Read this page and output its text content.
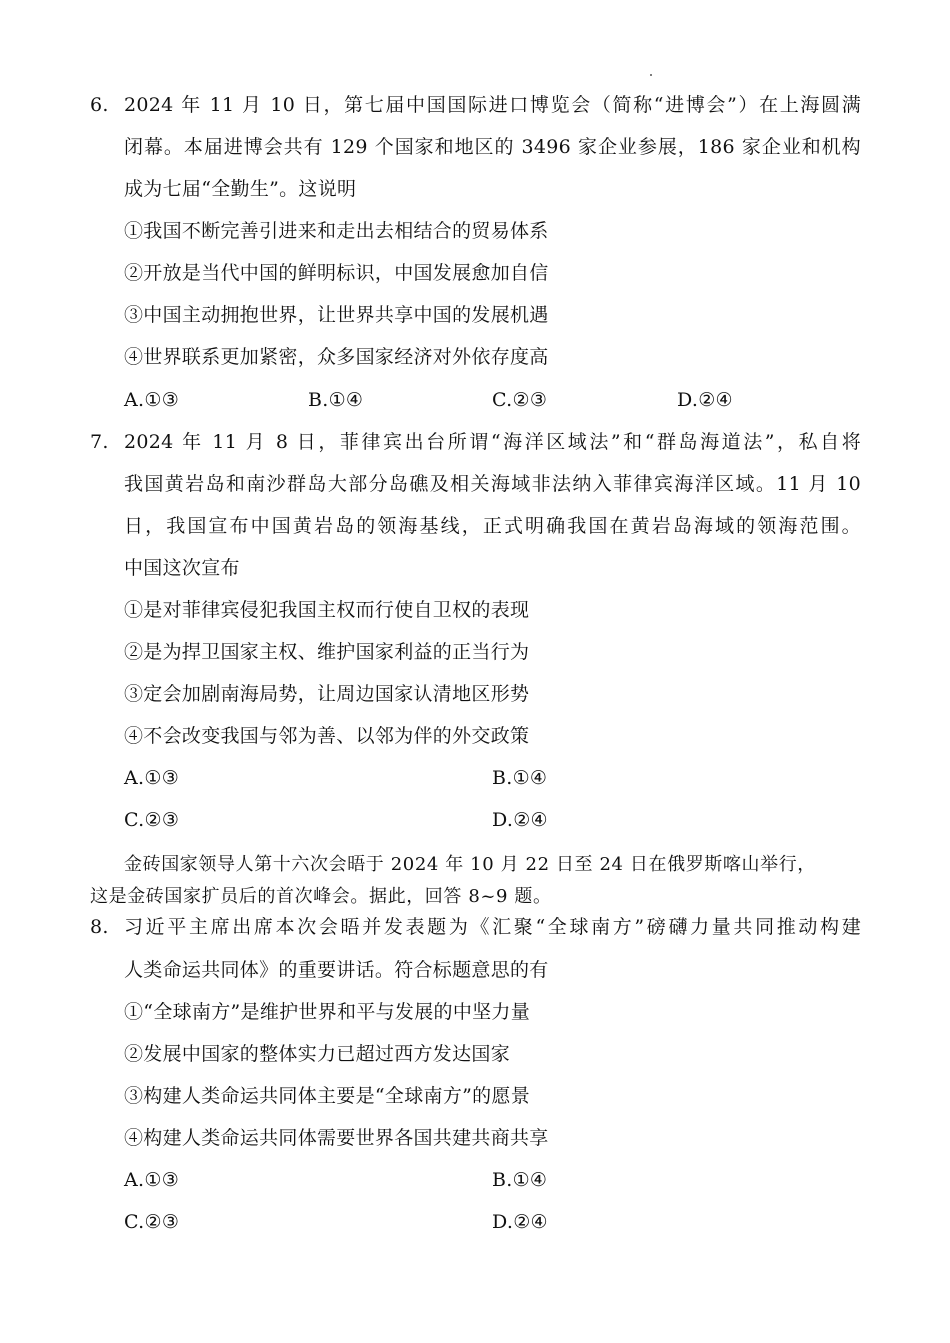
6. 2024 年 11 月 10 日，第七届中国国际进口博览会（简称“进博会”）在上海圆满
闭幕。本届进博会共有 129 个国家和地区的 3496 家企业参展，186 家企业和机构
成为七届“全勤生”。这说明
①我国不断完善引进来和走出去相结合的贸易体系
②开放是当代中国的鲜明标识，中国发展愈加自信
③中国主动拥抱世界，让世界共享中国的发展机遇
④世界联系更加紧密，众多国家经济对外依存度高
A.①③	B.①④	C.②③	D.②④
7. 2024 年 11 月 8 日，菲律宾出台所谓“海洋区域法”和“群岛海道法”，私自将
我国黄岩岛和南沙群岛大部分岛礁及相关海域非法纳入菲律宾海洋区域。11 月 10
日，我国宣布中国黄岩岛的领海基线，正式明确我国在黄岩岛海域的领海范围。
中国这次宣布
①是对菲律宾侵犯我国主权而行使自卫权的表现
②是为捍卫国家主权、维护国家利益的正当行为
③定会加剧南海局势，让周边国家认清地区形势
④不会改变我国与邻为善、以邻为伴的外交政策
A.①③	B.①④
C.②③	D.②④
金砖国家领导人第十六次会晤于 2024 年 10 月 22 日至 24 日在俄罗斯喀山举行，
这是金砖国家扩员后的首次峰会。据此，回答 8~9 题。
8. 习近平主席出席本次会晤并发表题为《汇聚“全球南方”磅礴力量共同推动构建
人类命运共同体》的重要讲话。符合标题意思的有
①“全球南方”是维护世界和平与发展的中坚力量
②发展中国家的整体实力已超过西方发达国家
③构建人类命运共同体主要是“全球南方”的愿景
④构建人类命运共同体需要世界各国共建共商共享
A.①③	B.①④
C.②③	D.②④
